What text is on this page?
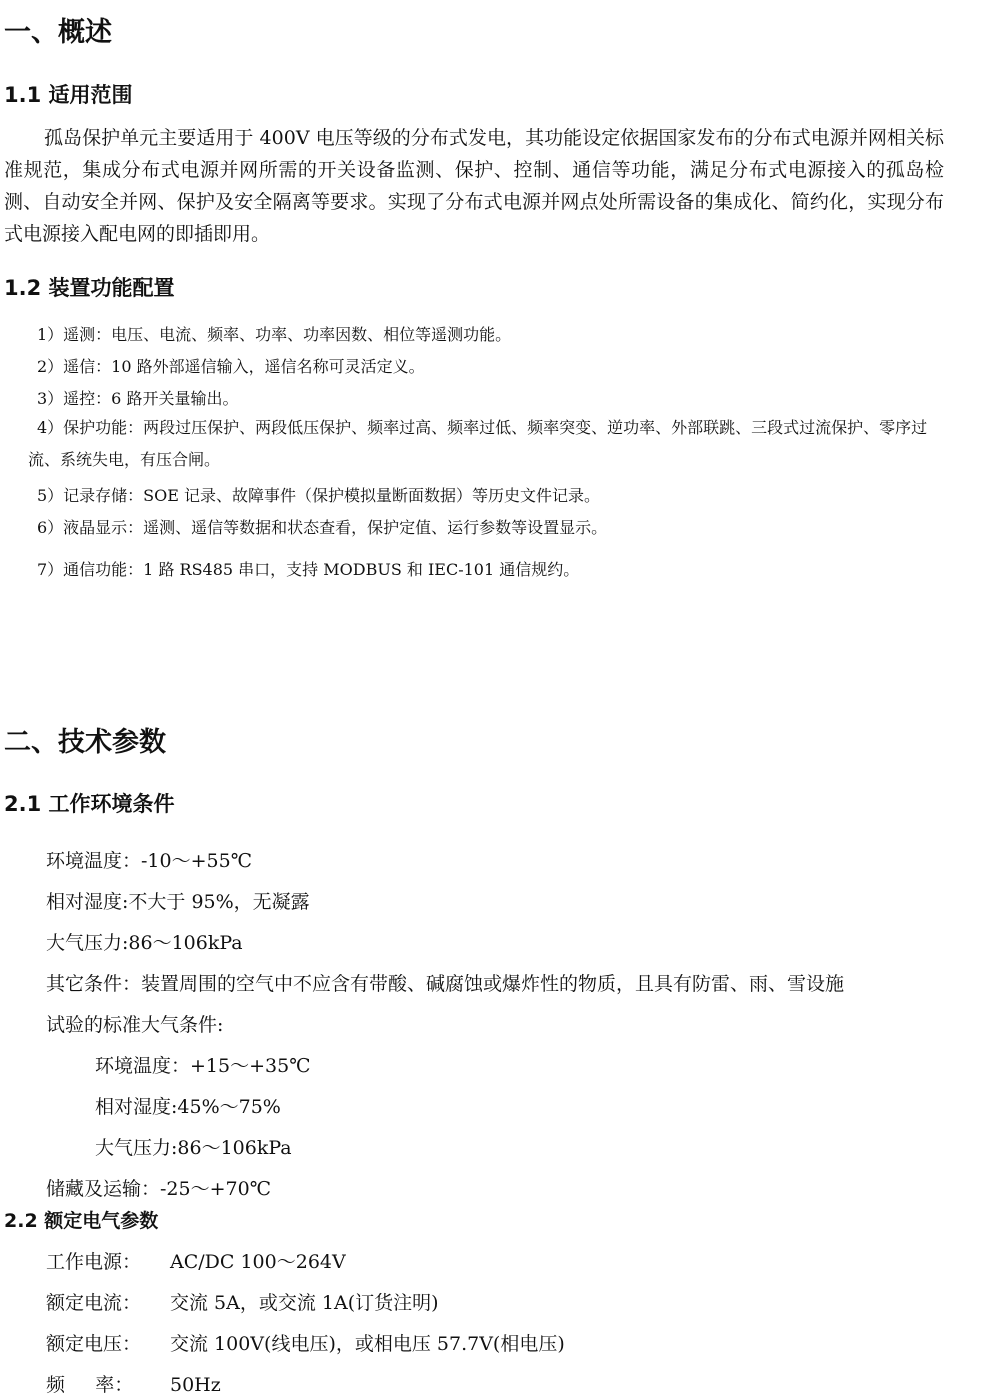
一、概述
1.1 适用范围
孤岛保护单元主要适用于 400V 电压等级的分布式发电，其功能设定依据国家发布的分布式电源并网相关标准规范，集成分布式电源并网所需的开关设备监测、保护、控制、通信等功能，满足分布式电源接入的孤岛检测、自动安全并网、保护及安全隔离等要求。实现了分布式电源并网点处所需设备的集成化、简约化，实现分布式电源接入配电网的即插即用。
1.2 装置功能配置
1）遥测：电压、电流、频率、功率、功率因数、相位等遥测功能。
2）遥信：10 路外部遥信输入，遥信名称可灵活定义。
3）遥控：6 路开关量输出。
4）保护功能：两段过压保护、两段低压保护、频率过高、频率过低、频率突变、逆功率、外部联跳、三段式过流保护、零序过流、系统失电，有压合闸。
5）记录存储：SOE 记录、故障事件（保护模拟量断面数据）等历史文件记录。
6）液晶显示：遥测、遥信等数据和状态查看，保护定值、运行参数等设置显示。
7）通信功能：1 路 RS485 串口，支持 MODBUS 和 IEC-101 通信规约。
二、技术参数
2.1 工作环境条件
环境温度：-10～+55℃
相对湿度:不大于 95%，无凝露
大气压力:86～106kPa
其它条件：装置周围的空气中不应含有带酸、碱腐蚀或爆炸性的物质，且具有防雷、雨、雪设施
试验的标准大气条件:
环境温度：+15～+35℃
相对湿度:45%～75%
大气压力:86～106kPa
储藏及运输：-25～+70℃
2.2 额定电气参数
工作电源： AC/DC 100～264V
额定电流： 交流 5A，或交流 1A(订货注明)
额定电压： 交流 100V(线电压)，或相电压 57.7V(相电压)
频     率： 50Hz
